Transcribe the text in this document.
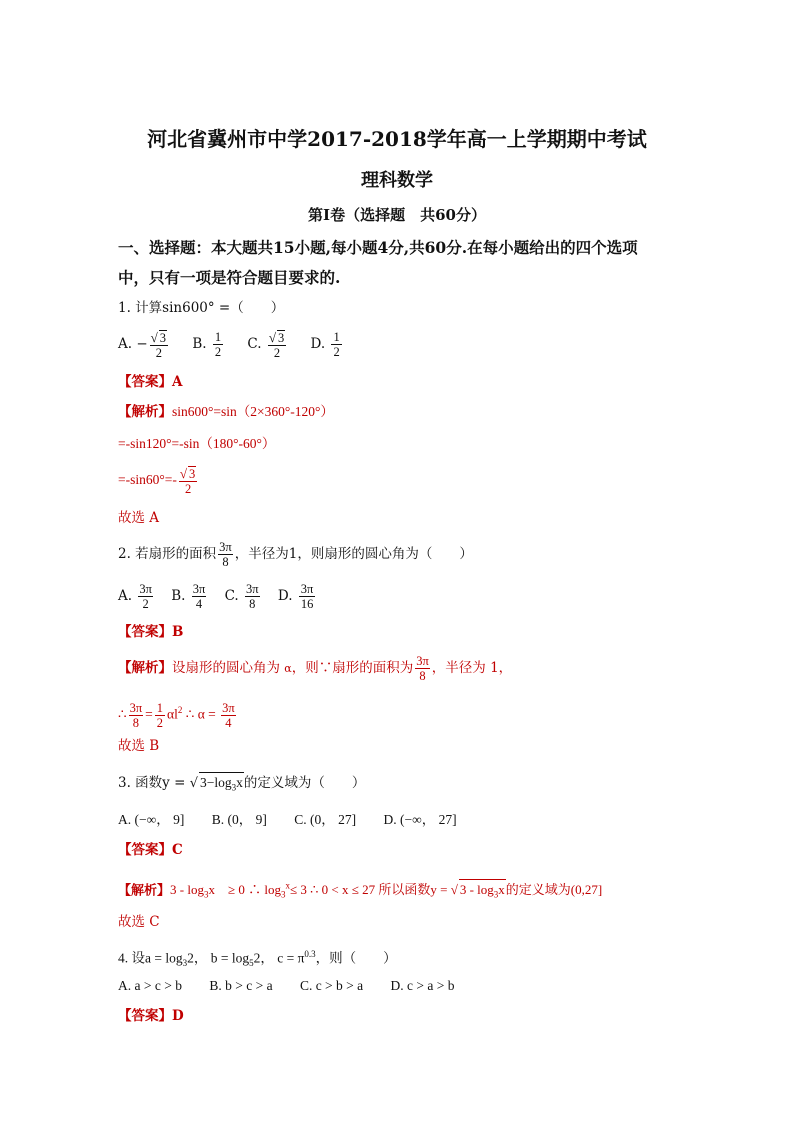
河北省冀州市中学2017-2018学年高一上学期期中考试
理科数学
第Ⅰ卷（选择题　共60分）
一、选择题：本大题共15小题,每小题4分,共60分.在每小题给出的四个选项
中，只有一项是符合题目要求的.
1. 计算sin600° =（　　）
A. − $\frac{√ 3}{2} B$. $\frac{1}{2} C$. $\frac{√ 3}{2} D$. $\frac{1}{2}$
【答案】A
【解析】sin600°=sin（2×360°-120°）
=-sin120°=-sin（180°-60°）
$=-\sin 60^\circ=- \frac{√ 3}{2}$
故选 A
2. 若扇形的面积 $\frac{3\pi}{8}$ ，半径为1，则扇形的圆心角为（　　）
A. $\frac{3\pi}{2} B$. $\frac{3\pi}{4} C$. $\frac{3\pi}{8} D$. $\frac{3\pi}{16}$
【答案】B
【解析】设扇形的圆心角为 α，则∵扇形的面积为 $\frac{3\pi}{8}$ ，半径为 1，
∴ $\frac{3\pi}{8} = \frac{1}{2} \alpha l^2$ ∴ $\alpha = \frac{3\pi}{4}$
故选 B
3. 函数y = √ $3-\log_3x$的定义域为（　　）
A. (−∞， 9] B. (0， 9] C. (0， 27] D. (−∞， 27]
【答案】C
【解析】$3 - \log_3x$　≥ 0 ∴ $\log_3^x\le 3$ ∴ 0 < x ≤ 27 所以函数y = √ $3 - \log_3x$的定义域为(0,27]
故选 C
4. 设$a = \log_32$， $b = \log_52$， $c = \pi^{0.3}$，则（　　）
A. a > c > b B. b > c > a C. c > b > a D. c > a > b
【答案】D
